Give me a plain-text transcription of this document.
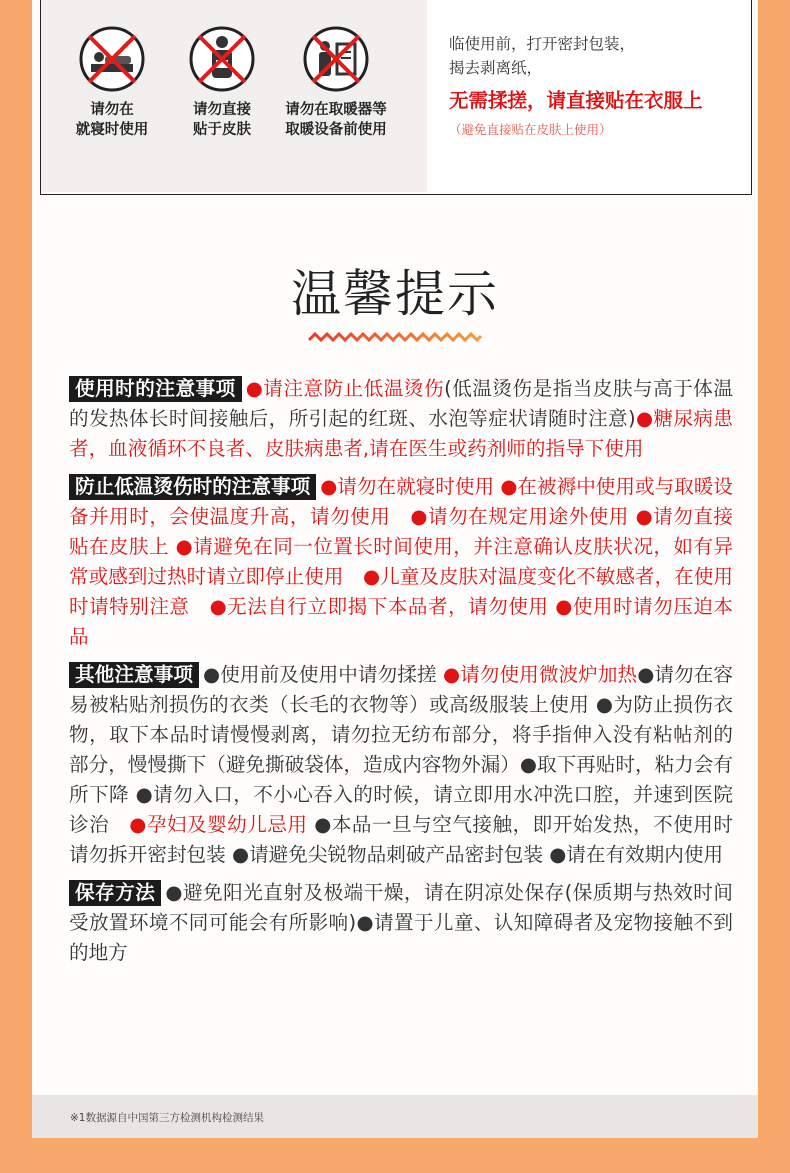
请勿在
就寝时使用
请勿直接
贴于皮肤
请勿在取暖器等
取暖设备前使用
临使用前，打开密封包装，
揭去剥离纸，
无需揉搓，请直接贴在衣服上
（避免直接贴在皮肤上使用）
温馨提示

使用时的注意事项 ●请注意防止低温烫伤(低温烫伤是指当皮肤与高于体温的发热体长时间接触后，所引起的红斑、水泡等症状请随时注意)●糖尿病患者，血液循环不良者、皮肤病患者,请在医生或药剂师的指导下使用

防止低温烫伤时的注意事项 ●请勿在就寝时使用 ●在被褥中使用或与取暖设备并用时，会使温度升高，请勿使用　●请勿在规定用途外使用 ●请勿直接贴在皮肤上 ●请避免在同一位置长时间使用，并注意确认皮肤状况，如有异常或感到过热时请立即停止使用　●儿童及皮肤对温度变化不敏感者，在使用时请特别注意　●无法自行立即揭下本品者，请勿使用 ●使用时请勿压迫本品

其他注意事项 ●使用前及使用中请勿揉搓 ●请勿使用微波炉加热●请勿在容易被粘贴剂损伤的衣类（长毛的衣物等）或高级服装上使用 ●为防止损伤衣物，取下本品时请慢慢剥离，请勿拉无纺布部分，将手指伸入没有粘帖剂的部分，慢慢撕下（避免撕破袋体，造成内容物外漏）●取下再贴时，粘力会有所下降 ●请勿入口，不小心吞入的时候，请立即用水冲洗口腔，并速到医院诊治　 ●孕妇及婴幼儿忌用 ●本品一旦与空气接触，即开始发热，不使用时请勿拆开密封包装 ●请避免尖锐物品刺破产品密封包装 ●请在有效期内使用

保存方法 ●避免阳光直射及极端干燥，请在阴凉处保存(保质期与热效时间受放置环境不同可能会有所影响)●请置于儿童、认知障碍者及宠物接触不到的地方

※1数据源自中国第三方检测机构检测结果
